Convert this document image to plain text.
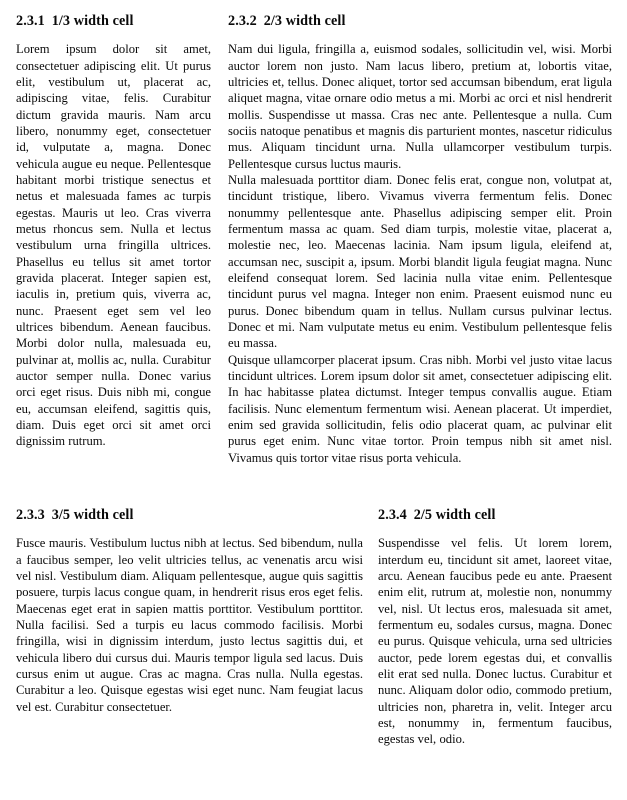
2.3.1 1/3 width cell

Lorem ipsum dolor sit amet, consectetuer adipiscing elit. Ut purus elit, vestibulum ut, placerat ac, adipiscing vitae, felis. Curabitur dictum gravida mauris. Nam arcu libero, nonummy eget, consectetuer id, vulputate a, magna. Donec vehicula augue eu neque. Pellentesque habitant morbi tristique senectus et netus et malesuada fames ac turpis egestas. Mauris ut leo. Cras viverra metus rhoncus sem. Nulla et lectus vestibulum urna fringilla ultrices. Phasellus eu tellus sit amet tortor gravida placerat. Integer sapien est, iaculis in, pretium quis, viverra ac, nunc. Praesent eget sem vel leo ultrices bibendum. Aenean faucibus. Morbi dolor nulla, malesuada eu, pulvinar at, mollis ac, nulla. Curabitur auctor semper nulla. Donec varius orci eget risus. Duis nibh mi, congue eu, accumsan eleifend, sagittis quis, diam. Duis eget orci sit amet orci dignissim rutrum.

2.3.2 2/3 width cell

Nam dui ligula, fringilla a, euismod sodales, sollicitudin vel, wisi. Morbi auctor lorem non justo. Nam lacus libero, pretium at, lobortis vitae, ultricies et, tellus. Donec aliquet, tortor sed accumsan bibendum, erat ligula aliquet magna, vitae ornare odio metus a mi. Morbi ac orci et nisl hendrerit mollis. Suspendisse ut massa. Cras nec ante. Pellentesque a nulla. Cum sociis natoque penatibus et magnis dis parturient montes, nascetur ridiculus mus. Aliquam tincidunt urna. Nulla ullamcorper vestibulum turpis. Pellentesque cursus luctus mauris.

Nulla malesuada porttitor diam. Donec felis erat, congue non, volutpat at, tincidunt tristique, libero. Vivamus viverra fermentum felis. Donec nonummy pellentesque ante. Phasellus adipiscing semper elit. Proin fermentum massa ac quam. Sed diam turpis, molestie vitae, placerat a, molestie nec, leo. Maecenas lacinia. Nam ipsum ligula, eleifend at, accumsan nec, suscipit a, ipsum. Morbi blandit ligula feugiat magna. Nunc eleifend consequat lorem. Sed lacinia nulla vitae enim. Pellentesque tincidunt purus vel magna. Integer non enim. Praesent euismod nunc eu purus. Donec bibendum quam in tellus. Nullam cursus pulvinar lectus. Donec et mi. Nam vulputate metus eu enim. Vestibulum pellentesque felis eu massa.

Quisque ullamcorper placerat ipsum. Cras nibh. Morbi vel justo vitae lacus tincidunt ultrices. Lorem ipsum dolor sit amet, consectetuer adipiscing elit. In hac habitasse platea dictumst. Integer tempus convallis augue. Etiam facilisis. Nunc elementum fermentum wisi. Aenean placerat. Ut imperdiet, enim sed gravida sollicitudin, felis odio placerat quam, ac pulvinar elit purus eget enim. Nunc vitae tortor. Proin tempus nibh sit amet nisl. Vivamus quis tortor vitae risus porta vehicula.

2.3.3 3/5 width cell

Fusce mauris. Vestibulum luctus nibh at lectus. Sed bibendum, nulla a faucibus semper, leo velit ultricies tellus, ac venenatis arcu wisi vel nisl. Vestibulum diam. Aliquam pellentesque, augue quis sagittis posuere, turpis lacus congue quam, in hendrerit risus eros eget felis. Maecenas eget erat in sapien mattis porttitor. Vestibulum porttitor. Nulla facilisi. Sed a turpis eu lacus commodo facilisis. Morbi fringilla, wisi in dignissim interdum, justo lectus sagittis dui, et vehicula libero dui cursus dui. Mauris tempor ligula sed lacus. Duis cursus enim ut augue. Cras ac magna. Cras nulla. Nulla egestas. Curabitur a leo. Quisque egestas wisi eget nunc. Nam feugiat lacus vel est. Curabitur consectetuer.

2.3.4 2/5 width cell

Suspendisse vel felis. Ut lorem lorem, interdum eu, tincidunt sit amet, laoreet vitae, arcu. Aenean faucibus pede eu ante. Praesent enim elit, rutrum at, molestie non, nonummy vel, nisl. Ut lectus eros, malesuada sit amet, fermentum eu, sodales cursus, magna. Donec eu purus. Quisque vehicula, urna sed ultricies auctor, pede lorem egestas dui, et convallis elit erat sed nulla. Donec luctus. Curabitur et nunc. Aliquam dolor odio, commodo pretium, ultricies non, pharetra in, velit. Integer arcu est, nonummy in, fermentum faucibus, egestas vel, odio.
